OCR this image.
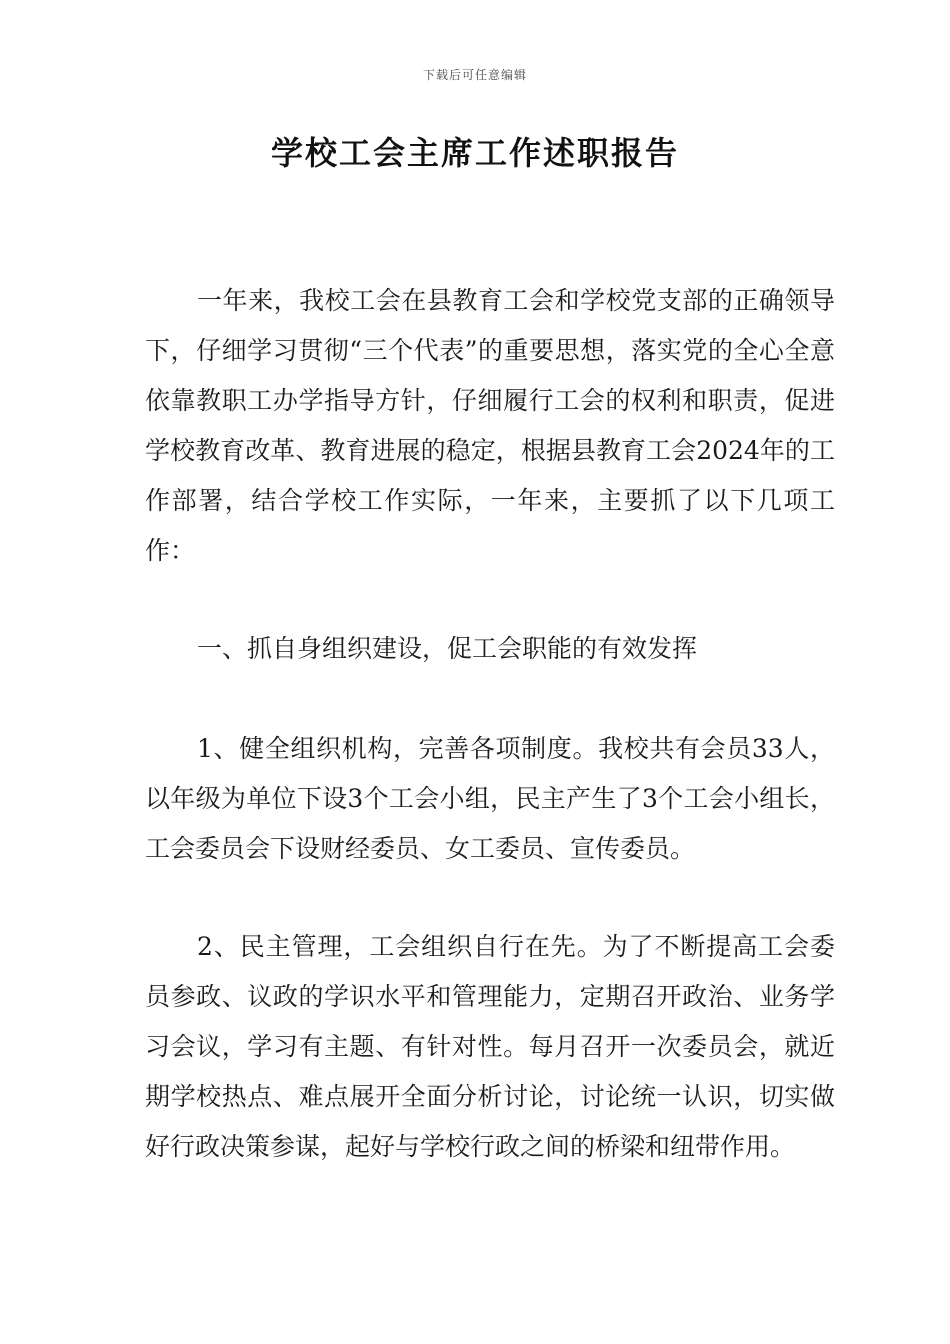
下载后可任意编辑
学校工会主席工作述职报告

一年来，我校工会在县教育工会和学校党支部的正确领导下，仔细学习贯彻“三个代表”的重要思想，落实党的全心全意依靠教职工办学指导方针，仔细履行工会的权利和职责，促进学校教育改革、教育进展的稳定，根据县教育工会2024年的工作部署，结合学校工作实际，一年来，主要抓了以下几项工作：

一、抓自身组织建设，促工会职能的有效发挥

1、健全组织机构，完善各项制度。我校共有会员33人，以年级为单位下设3个工会小组，民主产生了3个工会小组长，工会委员会下设财经委员、女工委员、宣传委员。

2、民主管理，工会组织自行在先。为了不断提高工会委员参政、议政的学识水平和管理能力，定期召开政治、业务学习会议，学习有主题、有针对性。每月召开一次委员会，就近期学校热点、难点展开全面分析讨论，讨论统一认识，切实做好行政决策参谋，起好与学校行政之间的桥梁和纽带作用。
